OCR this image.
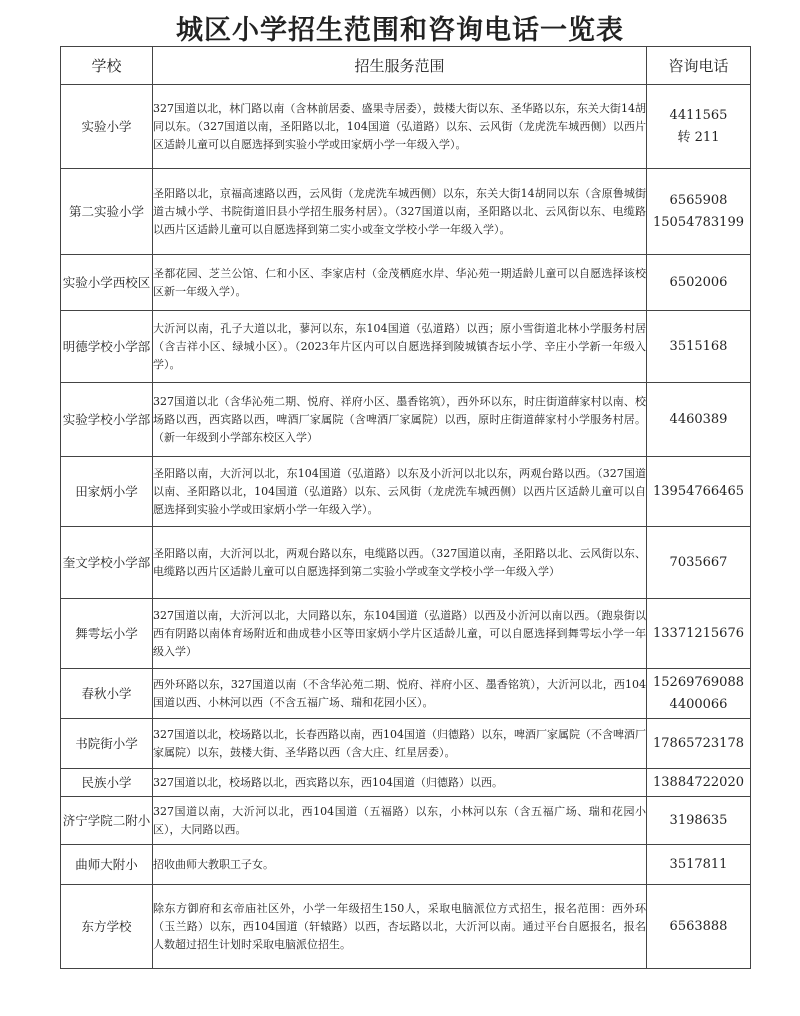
城区小学招生范围和咨询电话一览表
学校	招生服务范围	咨询电话
实验小学	327国道以北，林门路以南（含林前居委、盛果寺居委），鼓楼大街以东、圣华路以东，东关大街14胡同以东。（327国道以南，圣阳路以北，104国道（弘道路）以东、云风街（龙虎洗车城西侧）以西片区适龄儿童可以自愿选择到实验小学或田家炳小学一年级入学）。	4411565
转 211

第二实验小学	圣阳路以北，京福高速路以西，云风街（龙虎洗车城西侧）以东，东关大街14胡同以东（含原鲁城街道古城小学、书院街道旧县小学招生服务村居）。（327国道以南，圣阳路以北、云风街以东、电缆路以西片区适龄儿童可以自愿选择到第二实小或奎文学校小学一年级入学）。	6565908
15054783199

实验小学西校区	圣都花园、芝兰公馆、仁和小区、李家店村（金茂栖庭水岸、华沁苑一期适龄儿童可以自愿选择该校区新一年级入学）。	6502006

明德学校小学部	大沂河以南，孔子大道以北，蓼河以东，东104国道（弘道路）以西；原小雪街道北林小学服务村居（含吉祥小区、绿城小区）。（2023年片区内可以自愿选择到陵城镇杏坛小学、辛庄小学新一年级入学）。	3515168

实验学校小学部	327国道以北（含华沁苑二期、悦府、祥府小区、墨香铭筑），西外环以东，时庄街道薛家村以南、校场路以西，西宾路以西，啤酒厂家属院（含啤酒厂家属院）以西，原时庄街道薛家村小学服务村居。（新一年级到小学部东校区入学）	4460389

田家炳小学	圣阳路以南，大沂河以北，东104国道（弘道路）以东及小沂河以北以东，两观台路以西。（327国道以南、圣阳路以北，104国道（弘道路）以东、云风街（龙虎洗车城西侧）以西片区适龄儿童可以自愿选择到实验小学或田家炳小学一年级入学）。	13954766465

奎文学校小学部	圣阳路以南，大沂河以北，两观台路以东，电缆路以西。（327国道以南，圣阳路以北、云风街以东、电缆路以西片区适龄儿童可以自愿选择到第二实验小学或奎文学校小学一年级入学）	7035667

舞雩坛小学	327国道以南，大沂河以北，大同路以东，东104国道（弘道路）以西及小沂河以南以西。（跑泉街以西有阴路以南体育场附近和曲成巷小区等田家炳小学片区适龄儿童，可以自愿选择到舞雩坛小学一年级入学）	13371215676

春秋小学	西外环路以东，327国道以南（不含华沁苑二期、悦府、祥府小区、墨香铭筑），大沂河以北，西104国道以西、小林河以西（不含五福广场、瑞和花园小区）。	15269769088
4400066

书院街小学	327国道以北，校场路以北，长春西路以南，西104国道（归德路）以东，啤酒厂家属院（不含啤酒厂家属院）以东，鼓楼大街、圣华路以西（含大庄、红星居委）。	17865723178

民族小学	327国道以北，校场路以北，西宾路以东，西104国道（归德路）以西。	13884722020

济宁学院二附小	327国道以南，大沂河以北，西104国道（五福路）以东，小林河以东（含五福广场、瑞和花园小区），大同路以西。	3198635

曲师大附小	招收曲师大教职工子女。	3517811

东方学校	除东方御府和玄帝庙社区外，小学一年级招生150人，采取电脑派位方式招生，报名范围：西外环（玉兰路）以东，西104国道（轩辕路）以西，杏坛路以北，大沂河以南。通过平台自愿报名，报名人数超过招生计划时采取电脑派位招生。	6563888
